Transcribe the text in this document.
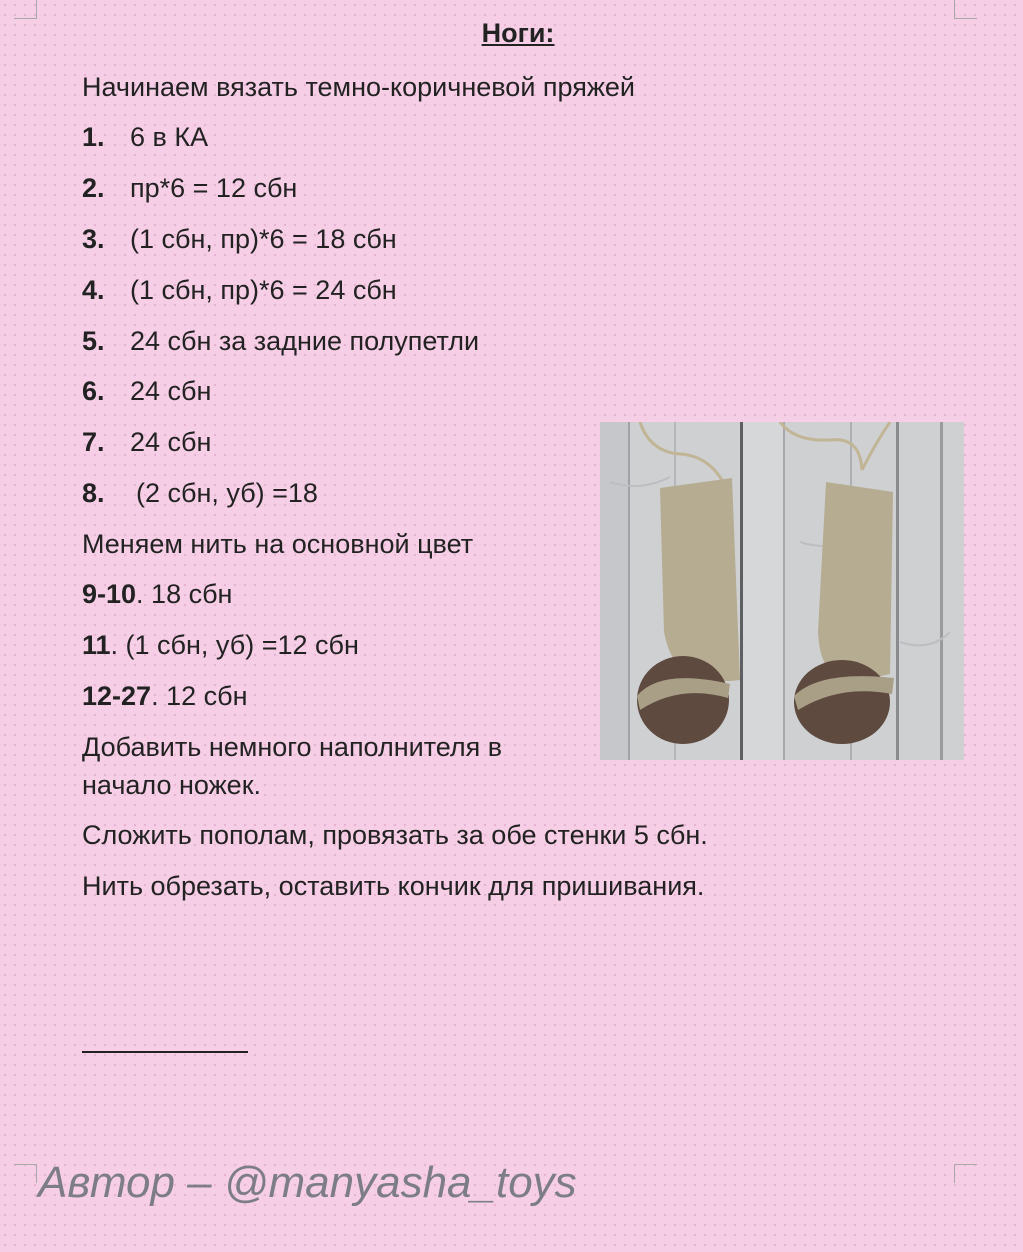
Ноги:
Начинаем вязать темно-коричневой пряжей
1. 6 в КА
2. пр*6 = 12 сбн
3. (1 сбн, пр)*6 = 18 сбн
4. (1 сбн, пр)*6 = 24 сбн
5. 24 сбн за задние полупетли
6. 24 сбн
7. 24 сбн
8. (2 сбн, уб) =18
Меняем нить на основной цвет
9-10. 18 сбн
11. (1 сбн, уб) =12 сбн
12-27. 12 сбн
Добавить немного наполнителя в
начало ножек.
Сложить пополам, провязать за обе стенки 5 сбн.
Нить обрезать, оставить кончик для пришивания.
Автор – @manyasha_toys
